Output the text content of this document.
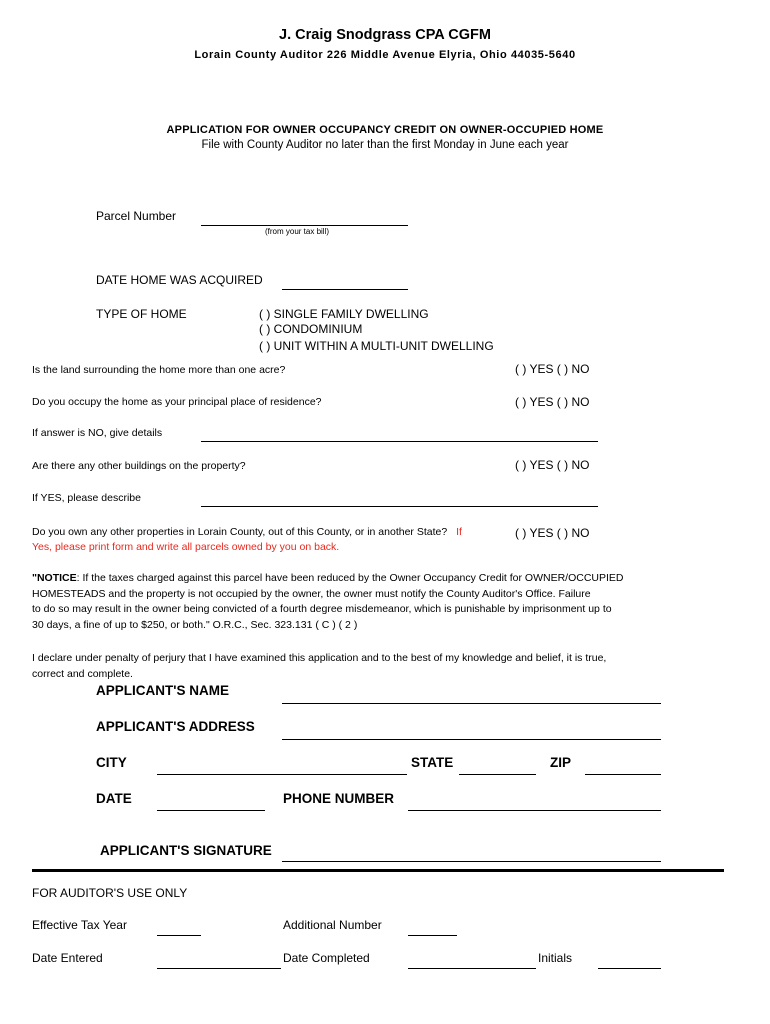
J. Craig Snodgrass CPA CGFM
Lorain County Auditor 226 Middle Avenue Elyria, Ohio 44035-5640
APPLICATION FOR OWNER OCCUPANCY CREDIT ON OWNER-OCCUPIED HOME
File with County Auditor no later than the first Monday in June each year
Parcel Number
(from your tax bill)
DATE HOME WAS ACQUIRED
TYPE OF HOME	( ) SINGLE FAMILY DWELLING
( ) CONDOMINIUM
( ) UNIT WITHIN A MULTI-UNIT DWELLING
Is the land surrounding the home more than one acre?	( ) YES ( ) NO
Do you occupy the home as your principal place of residence?	( ) YES ( ) NO
If answer is NO, give details
Are there any other buildings on the property?	( ) YES ( ) NO
If YES, please describe
Do you own any other properties in Lorain County, out of this County, or in another State? If
Yes, please print form and write all parcels owned by you on back.
( ) YES ( ) NO
"NOTICE: If the taxes charged against this parcel have been reduced by the Owner Occupancy Credit for OWNER/OCCUPIED
HOMESTEADS and the property is not occupied by the owner, the owner must notify the County Auditor's Office. Failure
to do so may result in the owner being convicted of a fourth degree misdemeanor, which is punishable by imprisonment up to
30 days, a fine of up to $250, or both." O.R.C., Sec. 323.131 ( C ) ( 2 )
I declare under penalty of perjury that I have examined this application and to the best of my knowledge and belief, it is true,
correct and complete.
APPLICANT'S NAME
APPLICANT'S ADDRESS
CITY	STATE	ZIP
DATE	PHONE NUMBER
APPLICANT'S SIGNATURE
FOR AUDITOR'S USE ONLY
Effective Tax Year	Additional Number
Date Entered	Date Completed	Initials
